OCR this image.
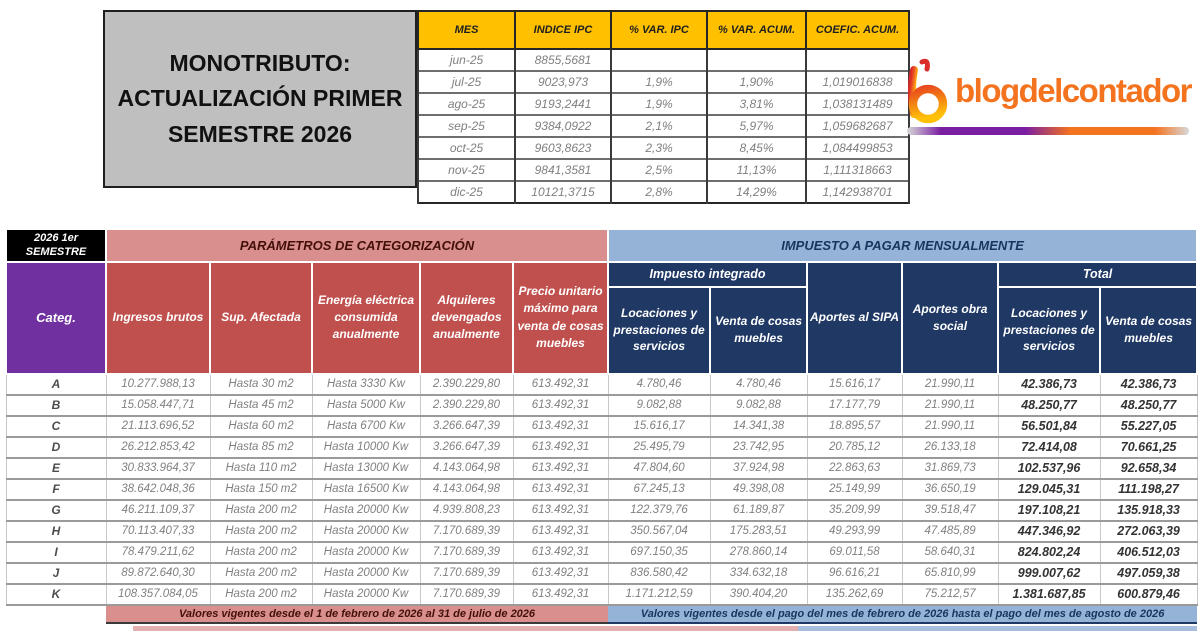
MONOTRIBUTO:
ACTUALIZACIÓN PRIMER
SEMESTRE 2026
MES	INDICE IPC	% VAR. IPC	% VAR. ACUM.	COEFIC. ACUM.
jun-25	8855,5681			
jul-25	9023,973	1,9%	1,90%	1,019016838
ago-25	9193,2441	1,9%	3,81%	1,038131489
sep-25	9384,0922	2,1%	5,97%	1,059682687
oct-25	9603,8623	2,3%	8,45%	1,084499853
nov-25	9841,3581	2,5%	11,13%	1,111318663
dic-25	10121,3715	2,8%	14,29%	1,142938701
blogdelcontador
2026 1er SEMESTRE	PARÁMETROS DE CATEGORIZACIÓN					IMPUESTO A PAGAR MENSUALMENTE					
Categ.	Ingresos brutos	Sup. Afectada	Energía eléctrica consumida anualmente	Alquileres devengados anualmente	Precio unitario máximo para venta de cosas muebles	Impuesto integrado		Aportes al SIPA	Aportes obra social	Total	
						Locaciones y prestaciones de servicios	Venta de cosas muebles			Locaciones y prestaciones de servicios	Venta de cosas muebles
A	10.277.988,13	Hasta 30 m2	Hasta 3330 Kw	2.390.229,80	613.492,31	4.780,46	4.780,46	15.616,17	21.990,11	42.386,73	42.386,73
B	15.058.447,71	Hasta 45 m2	Hasta 5000 Kw	2.390.229,80	613.492,31	9.082,88	9.082,88	17.177,79	21.990,11	48.250,77	48.250,77
C	21.113.696,52	Hasta 60 m2	Hasta 6700 Kw	3.266.647,39	613.492,31	15.616,17	14.341,38	18.895,57	21.990,11	56.501,84	55.227,05
D	26.212.853,42	Hasta 85 m2	Hasta 10000 Kw	3.266.647,39	613.492,31	25.495,79	23.742,95	20.785,12	26.133,18	72.414,08	70.661,25
E	30.833.964,37	Hasta 110 m2	Hasta 13000 Kw	4.143.064,98	613.492,31	47.804,60	37.924,98	22.863,63	31.869,73	102.537,96	92.658,34
F	38.642.048,36	Hasta 150 m2	Hasta 16500 Kw	4.143.064,98	613.492,31	67.245,13	49.398,08	25.149,99	36.650,19	129.045,31	111.198,27
G	46.211.109,37	Hasta 200 m2	Hasta 20000 Kw	4.939.808,23	613.492,31	122.379,76	61.189,87	35.209,99	39.518,47	197.108,21	135.918,33
H	70.113.407,33	Hasta 200 m2	Hasta 20000 Kw	7.170.689,39	613.492,31	350.567,04	175.283,51	49.293,99	47.485,89	447.346,92	272.063,39
I	78.479.211,62	Hasta 200 m2	Hasta 20000 Kw	7.170.689,39	613.492,31	697.150,35	278.860,14	69.011,58	58.640,31	824.802,24	406.512,03
J	89.872.640,30	Hasta 200 m2	Hasta 20000 Kw	7.170.689,39	613.492,31	836.580,42	334.632,18	96.616,21	65.810,99	999.007,62	497.059,38
K	108.357.084,05	Hasta 200 m2	Hasta 20000 Kw	7.170.689,39	613.492,31	1.171.212,59	390.404,20	135.262,69	75.212,57	1.381.687,85	600.879,46
	Valores vigentes desde el 1 de febrero de 2026 al 31 de julio de 2026					Valores vigentes desde el pago del mes de febrero de 2026 hasta el pago del mes de agosto de 2026					
